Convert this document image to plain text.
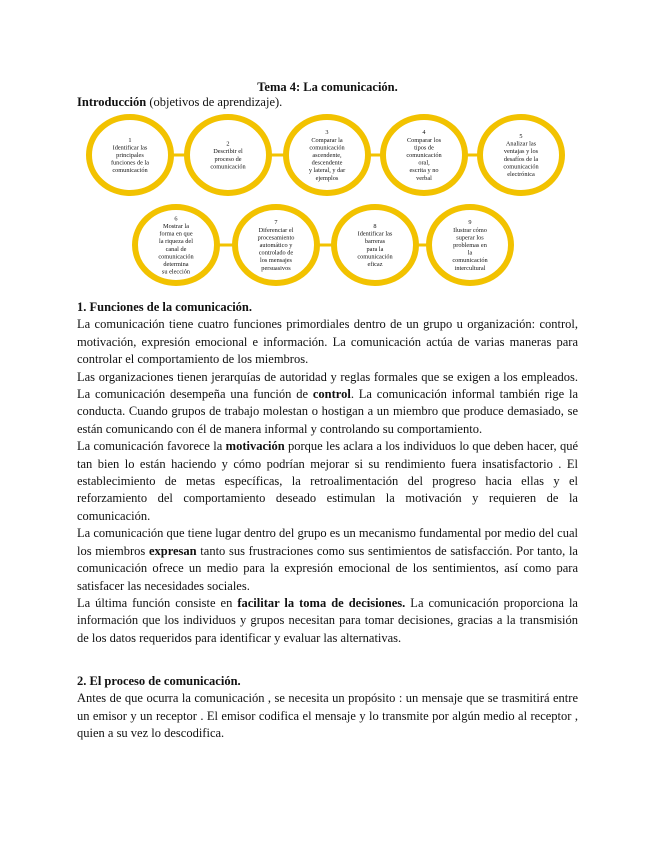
Tema 4: La comunicación.
Introducción (objetivos de aprendizaje).
1
Identificar las
principales
funciones de la
comunicación
2
Describir el
proceso de
comunicación
3
Comparar la
comunicación
ascendente,
descendente
y lateral, y dar
ejemplos
4
Comparar los
tipos de
comunicación
oral,
escrita y no
verbal
5
Analizar las
ventajas y los
desafíos de la
comunicación
electrónica
6
Mostrar la
forma en que
la riqueza del
canal de
comunicación
determina
su elección
7
Diferenciar el
procesamiento
automático y
controlado de
los mensajes
persuasivos
8
Identificar las
barreras
para la
comunicación
eficaz
9
Ilustrar cómo
superar los
problemas en
la
comunicación
intercultural

1. Funciones de la comunicación.

La comunicación tiene cuatro funciones primordiales dentro de un grupo u organización: control, motivación, expresión emocional e información. La comunicación actúa de varias maneras para controlar el comportamiento de los miembros.

Las organizaciones tienen jerarquías de autoridad y reglas formales que se exigen a los empleados. La comunicación desempeña una función de control. La comunicación informal también rige la conducta. Cuando grupos de trabajo molestan o hostigan a un miembro que produce demasiado, se están comunicando con él de manera informal y controlando su comportamiento.

La comunicación favorece la motivación porque les aclara a los individuos lo que deben hacer, qué tan bien lo están haciendo y cómo podrían mejorar si su rendimiento fuera insatisfactorio . El establecimiento de metas específicas, la retroalimentación del progreso hacia ellas y el reforzamiento del comportamiento deseado estimulan la motivación y requieren de la comunicación.

La comunicación que tiene lugar dentro del grupo es un mecanismo fundamental por medio del cual los miembros expresan tanto sus frustraciones como sus sentimientos de satisfacción. Por tanto, la comunicación ofrece un medio para la expresión emocional de los sentimientos, así como para satisfacer las necesidades sociales.

La última función consiste en facilitar la toma de decisiones. La comunicación proporciona la información que los individuos y grupos necesitan para tomar decisiones, gracias a la transmisión de los datos requeridos para identificar y evaluar las alternativas.

2. El proceso de comunicación.

Antes de que ocurra la comunicación , se necesita un propósito : un mensaje que se trasmitirá entre un emisor y un receptor . El emisor codifica el mensaje y lo transmite por algún medio al receptor , quien a su vez lo descodifica.
